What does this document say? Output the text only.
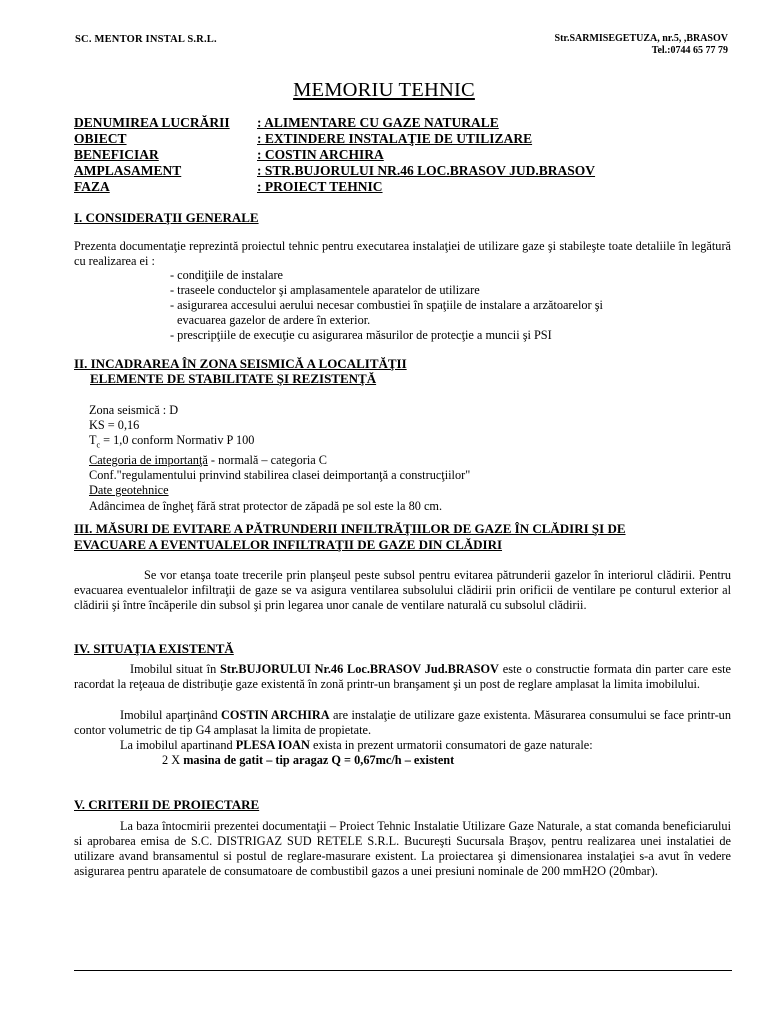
SC. MENTOR INSTAL S.R.L.	Str.SARMISEGETUZA, nr.5, ,BRASOV
Tel.:0744 65 77 79
MEMORIU TEHNIC
DENUMIREA LUCRĂRII	: ALIMENTARE CU GAZE NATURALE
OBIECT	: EXTINDERE INSTALAŢIE DE UTILIZARE
BENEFICIAR	: COSTIN ARCHIRA
AMPLASAMENT	: STR.BUJORULUI NR.46 LOC.BRASOV JUD.BRASOV
FAZA	: PROIECT TEHNIC
I. CONSIDERAŢII GENERALE
Prezenta documentaţie reprezintă proiectul tehnic pentru executarea instalaţiei de utilizare gaze şi stabileşte toate detaliile în legătură cu realizarea ei :
- condiţiile de instalare
- traseele conductelor şi amplasamentele aparatelor de utilizare
- asigurarea accesului aerului necesar combustiei în spaţiile de instalare a arzătoarelor şi
evacuarea gazelor de ardere în exterior.
- prescripţiile de execuţie cu asigurarea măsurilor de protecţie a muncii şi PSI
II. INCADRAREA ÎN ZONA SEISMICĂ A LOCALITĂŢII
ELEMENTE DE STABILITATE ŞI REZISTENŢĂ
Zona seismică : D
KS = 0,16
$T_c = 1,0$ conform Normativ P 100
Categoria de importanţă - normală – categoria C
Conf."regulamentului prinvind stabilirea clasei deimportanţă a construcţiilor"
Date geotehnice
Adâncimea de îngheţ fără strat protector de zăpadă pe sol este la 80 cm.
III. MĂSURI DE EVITARE A PĂTRUNDERII INFILTRĂŢIILOR DE GAZE ÎN CLĂDIRI ŞI DE
EVACUARE A EVENTUALELOR INFILTRAŢII DE GAZE DIN CLĂDIRI
Se vor etanşa toate trecerile prin planşeul peste subsol pentru evitarea pătrunderii gazelor în interiorul clădirii. Pentru evacuarea eventualelor infiltraţii de gaze se va asigura ventilarea subsolului clădirii prin orificii de ventilare pe conturul exterior al clădirii şi între încăperile din subsol şi prin legarea unor canale de ventilare naturală cu subsolul clădirii.
IV. SITUAŢIA EXISTENTĂ
Imobilul situat în Str.BUJORULUI Nr.46 Loc.BRASOV Jud.BRASOV este o constructie formata din parter care este racordat la reţeaua de distribuţie gaze existentă în zonă printr-un branşament şi un post de reglare amplasat la limita imobilului.
Imobilul aparţinând COSTIN ARCHIRA are instalaţie de utilizare gaze existenta. Măsurarea consumului se face printr-un contor volumetric de tip G4 amplasat la limita de propietate.
La imobilul apartinand PLESA IOAN exista in prezent urmatorii consumatori de gaze naturale:
2 X masina de gatit – tip aragaz Q = 0,67mc/h – existent
V. CRITERII DE PROIECTARE
La baza întocmirii prezentei documentaţii – Proiect Tehnic Instalatie Utilizare Gaze Naturale, a stat comanda beneficiarului si aprobarea emisa de S.C. DISTRIGAZ SUD RETELE S.R.L. Bucureşti Sucursala Braşov, pentru realizarea unei instalatiei de utilizare avand bransamentul si postul de reglare-masurare existent. La proiectarea şi dimensionarea instalaţiei s-a avut în vedere asigurarea pentru aparatele de consumatoare de combustibil gazos a unei presiuni nominale de 200 mmH2O (20mbar).
